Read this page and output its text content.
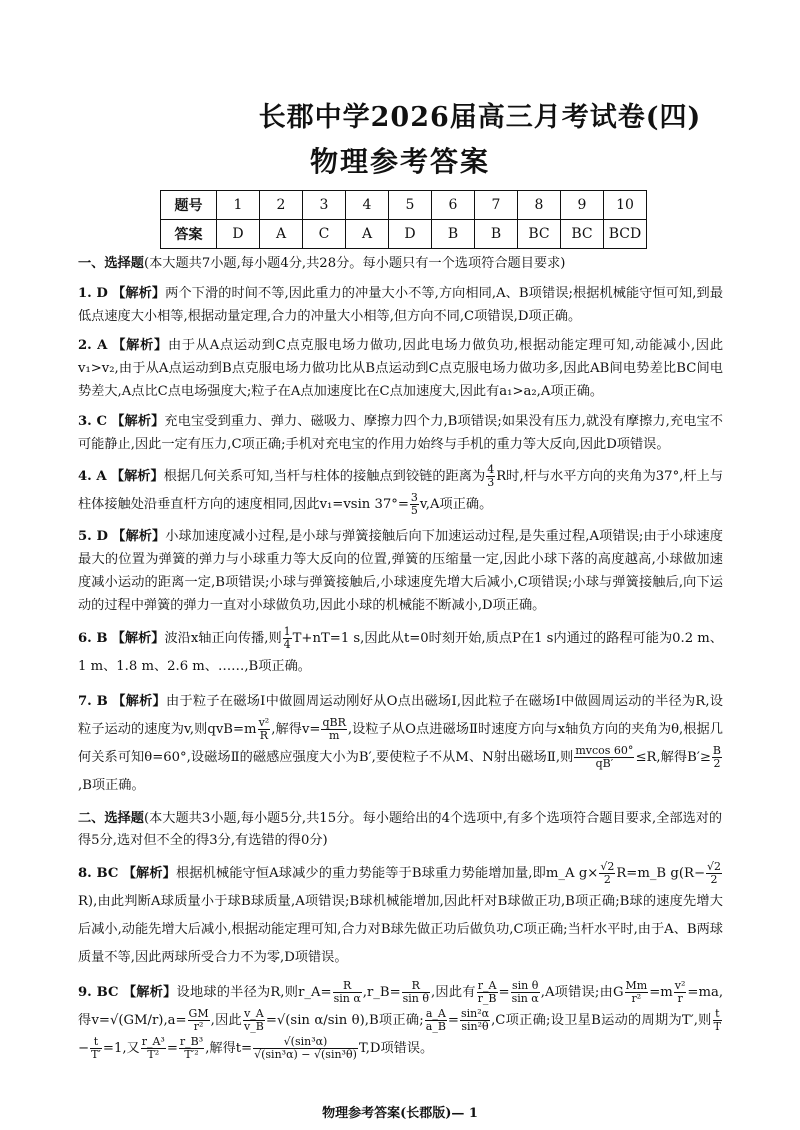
长郡中学2026届高三月考试卷(四)
物理参考答案
题号	1	2	3	4	5	6	7	8	9	10
答案	D	A	C	A	D	B	B	BC	BC	BCD
一、选择题(本大题共7小题,每小题4分,共28分。每小题只有一个选项符合题目要求)
1. D 【解析】两个下滑的时间不等,因此重力的冲量大小不等,方向相同,A、B项错误;根据机械能守恒可知,到最低点速度大小相等,根据动量定理,合力的冲量大小相等,但方向不同,C项错误,D项正确。
2. A 【解析】由于从A点运动到C点克服电场力做功,因此电场力做负功,根据动能定理可知,动能减小,因此v₁>v₂,由于从A点运动到B点克服电场力做功比从B点运动到C点克服电场力做功多,因此AB间电势差比BC间电势差大,A点比C点电场强度大;粒子在A点加速度比在C点加速度大,因此有a₁>a₂,A项正确。
3. C 【解析】充电宝受到重力、弹力、磁吸力、摩擦力四个力,B项错误;如果没有压力,就没有摩擦力,充电宝不可能静止,因此一定有压力,C项正确;手机对充电宝的作用力始终与手机的重力等大反向,因此D项错误。
4. A 【解析】根据几何关系可知,当杆与柱体的接触点到铰链的距离为 $\frac{4}{3}$ R时,杆与水平方向的夹角为37°,杆上与柱体接触处沿垂直杆方向的速度相同,因此v₁=vsin $37^\circ= \frac{3}{5} v,A$项正确。
5. D 【解析】小球加速度减小过程,是小球与弹簧接触后向下加速运动过程,是失重过程,A项错误;由于小球速度最大的位置为弹簧的弹力与小球重力等大反向的位置,弹簧的压缩量一定,因此小球下落的高度越高,小球做加速度减小运动的距离一定,B项错误;小球与弹簧接触后,小球速度先增大后减小,C项错误;小球与弹簧接触后,向下运动的过程中弹簧的弹力一直对小球做负功,因此小球的机械能不断减小,D项正确。
6. B 【解析】波沿x轴正向传播,则 $\frac{1}{4} T+nT=1$ s,因此从t=0时刻开始,质点P在1 s内通过的路程可能为0.2 m、1 m、1.8 m、2.6 m、……,B项正确。
7. B 【解析】由于粒子在磁场Ⅰ中做圆周运动刚好从O点出磁场Ⅰ,因此粒子在磁场Ⅰ中做圆周运动的半径为R,设粒子运动的速度为v,则$qvB=m \frac{\text{v²}}{R}$ ,解得$v= \frac{\text{qBR}}{m}$ ,设粒子从O点进磁场Ⅱ时速度方向与x轴负方向的夹角为θ,根据几何关系可知θ=60°,设磁场Ⅱ的磁感应强度大小为B′,要使粒子不从M、N射出磁场Ⅱ,则 $\frac{mvcos 60^\circ}{qB'} \le R$,解得$B'\ge \frac{B}{2}$
,B项正确。
二、选择题(本大题共3小题,每小题5分,共15分。每小题给出的4个选项中,有多个选项符合题目要求,全部选对的得5分,选对但不全的得3分,有选错的得0分)
8. BC 【解析】根据机械能守恒A球减少的重力势能等于B球重力势能增加量,即m_A $g\times \frac{√2}{2}$ R=m_B $g(R- \frac{√2}{2}$
R),由此判断A球质量小于球B球质量,A项错误;B球机械能增加,因此杆对B球做正功,B项正确;B球的速度先增大后减小,动能先增大后减小,根据动能定理可知,合力对B球先做正功后做负功,C项正确;当杆水平时,由于A、B两球质量不等,因此两球所受合力不为零,D项错误。
9. BC 【解析】设地球的半径为R,则r_A= $\frac{R}{\text{sin α}}$ ,r_B= $\frac{R}{\text{sin θ}}$ ,因此有 $\frac{r\_A}{r\_B} = \frac{\text{sin θ}}{\text{sin α}} ,A$项错误;由G $\frac{Mm}{\text{r²}} =m \frac{\text{v²}}{r} =ma$,得$v=√(GM/r),a= \frac{GM}{\text{r²}}$ ,因此 $\frac{v\_A}{v\_B} =√(\sin$ α/sin θ),B项正确; $\frac{a\_A}{a\_B} = \frac{\text{sin²α}}{\text{sin²θ}} ,C$项正确;设卫星B运动的周期为T′,则 $\frac{t}{T}$
− $\frac{t}{T'} =1$,又 $\frac{\text{r\_A³}}{\text{T²}} = \frac{\text{r\_B³}}{\text{T′²}}$ ,解得$t= \frac{\text{√(sin³α)}}{\text{√(sin³α) − √(sin³θ)}} T,D$项错误。
物理参考答案(长郡版)— 1
